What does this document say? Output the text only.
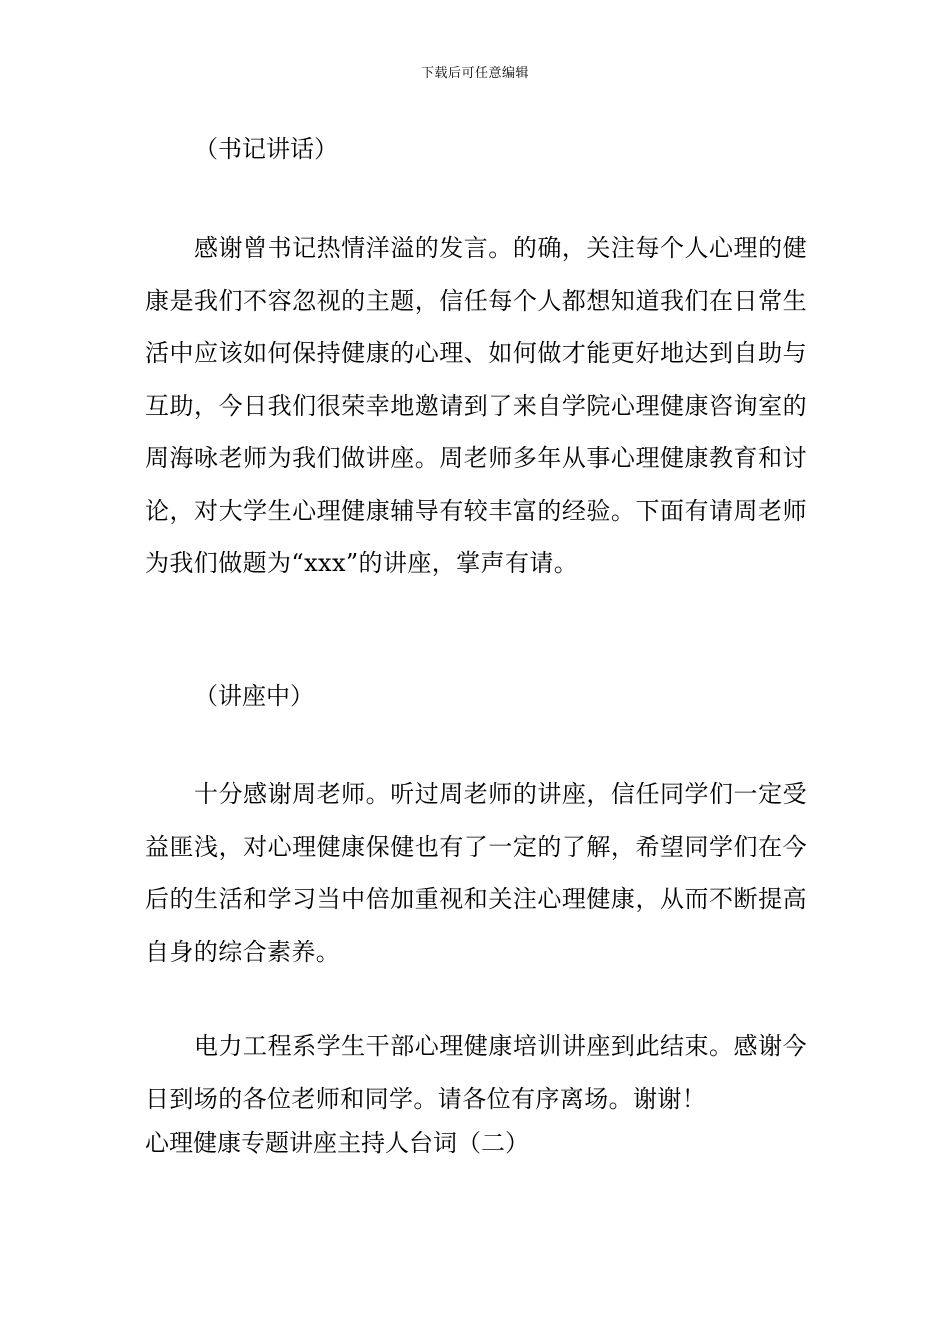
下载后可任意编辑

（书记讲话）

感谢曾书记热情洋溢的发言。的确，关注每个人心理的健康是我们不容忽视的主题，信任每个人都想知道我们在日常生活中应该如何保持健康的心理、如何做才能更好地达到自助与互助，今日我们很荣幸地邀请到了来自学院心理健康咨询室的周海咏老师为我们做讲座。周老师多年从事心理健康教育和讨论，对大学生心理健康辅导有较丰富的经验。下面有请周老师为我们做题为“xxx”的讲座，掌声有请。

（讲座中）

十分感谢周老师。听过周老师的讲座，信任同学们一定受益匪浅，对心理健康保健也有了一定的了解，希望同学们在今后的生活和学习当中倍加重视和关注心理健康，从而不断提高自身的综合素养。

电力工程系学生干部心理健康培训讲座到此结束。感谢今日到场的各位老师和同学。请各位有序离场。谢谢！

心理健康专题讲座主持人台词（二）
